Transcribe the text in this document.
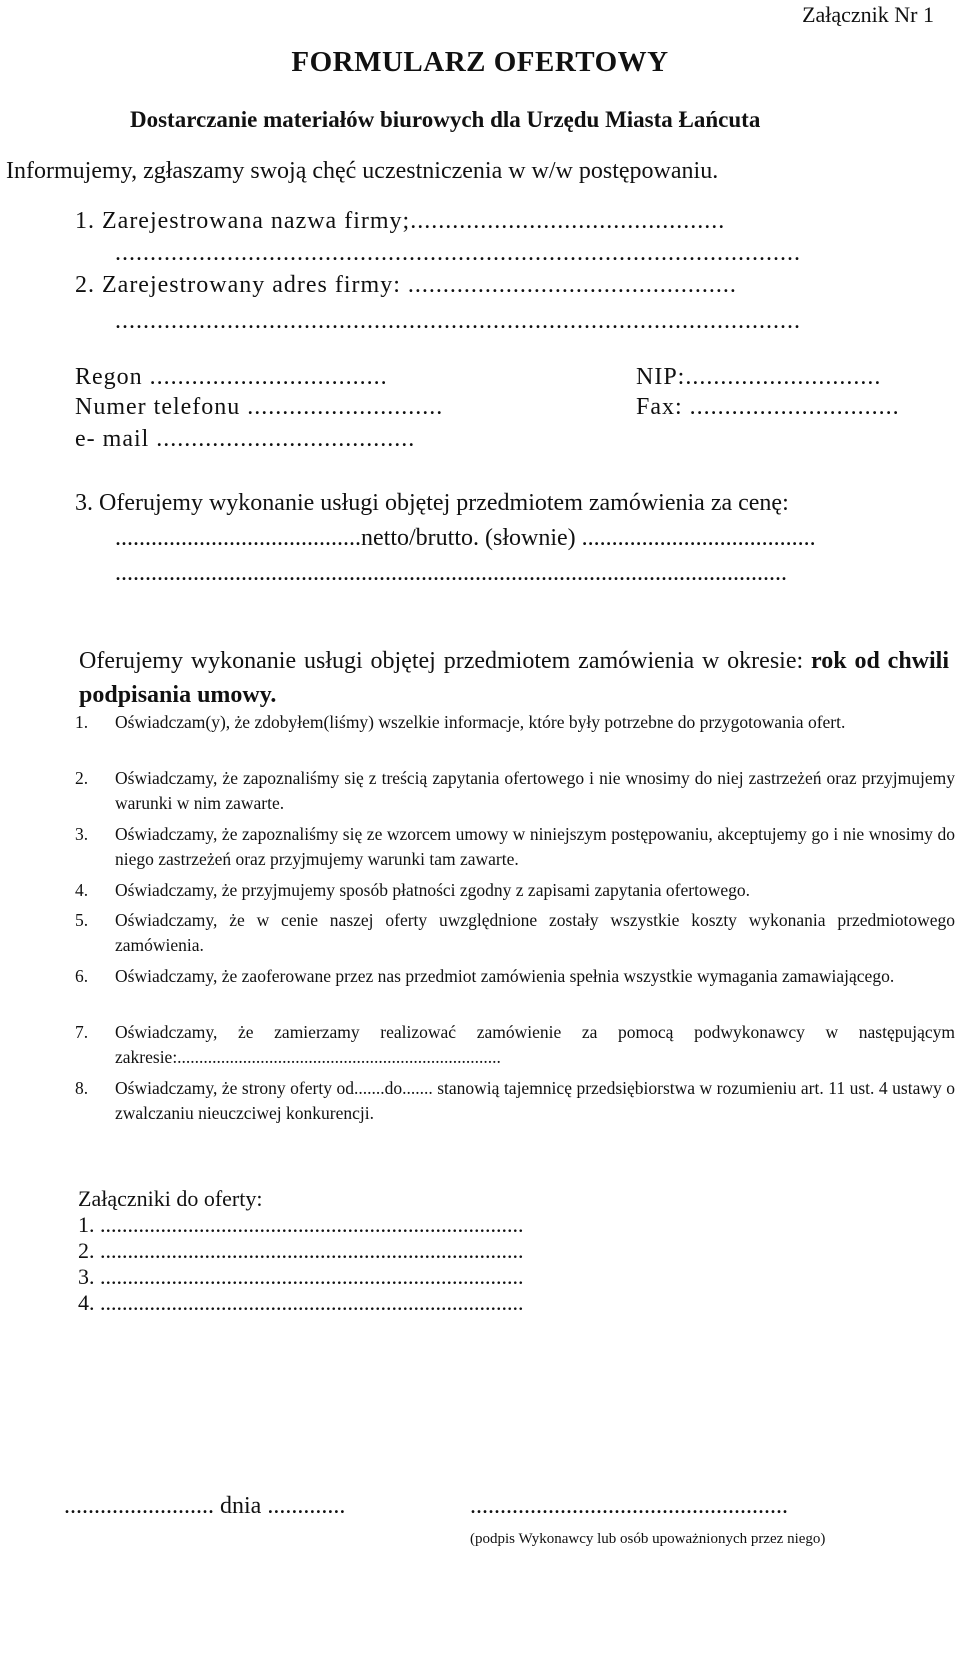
Załącznik Nr 1
FORMULARZ OFERTOWY
Dostarczanie materiałów biurowych dla Urzędu Miasta Łańcuta
Informujemy, zgłaszamy swoją chęć uczestniczenia w w/w postępowaniu.
1. Zarejestrowana nazwa firmy;.............................................
..................................................................................................
2. Zarejestrowany adres firmy: ...............................................
..................................................................................................
Regon ..................................	NIP:............................
Numer telefonu ............................	Fax: ..............................
e- mail .....................................
3. Oferujemy wykonanie usługi objętej przedmiotem zamówienia za cenę:
.........................................netto/brutto. (słownie) .......................................
................................................................................................................
Oferujemy wykonanie usługi objętej przedmiotem zamówienia w okresie: rok od chwili podpisania umowy.
1. Oświadczam(y), że zdobyłem(liśmy) wszelkie informacje, które były potrzebne do przygotowania ofert.
2. Oświadczamy, że zapoznaliśmy się z treścią zapytania ofertowego i nie wnosimy do niej zastrzeżeń oraz przyjmujemy warunki w nim zawarte.
3. Oświadczamy, że zapoznaliśmy się ze wzorcem umowy w niniejszym postępowaniu, akceptujemy go i nie wnosimy do niego zastrzeżeń oraz przyjmujemy warunki tam zawarte.
4. Oświadczamy, że przyjmujemy sposób płatności zgodny z zapisami zapytania ofertowego.
5. Oświadczamy, że w cenie naszej oferty uwzględnione zostały wszystkie koszty wykonania przedmiotowego zamówienia.
6. Oświadczamy, że zaoferowane przez nas przedmiot zamówienia spełnia wszystkie wymagania zamawiającego.
7. Oświadczamy, że zamierzamy realizować zamówienie za pomocą podwykonawcy w następującym zakresie:..........................................................................
8. Oświadczamy, że strony oferty od.......do....... stanowią tajemnicę przedsiębiorstwa w rozumieniu art. 11 ust. 4 ustawy o zwalczaniu nieuczciwej konkurencji.
Załączniki do oferty:
1. .............................................................................
2. .............................................................................
3. .............................................................................
4. .............................................................................
......................... dnia .............	.....................................................
(podpis Wykonawcy lub osób upoważnionych przez niego)
